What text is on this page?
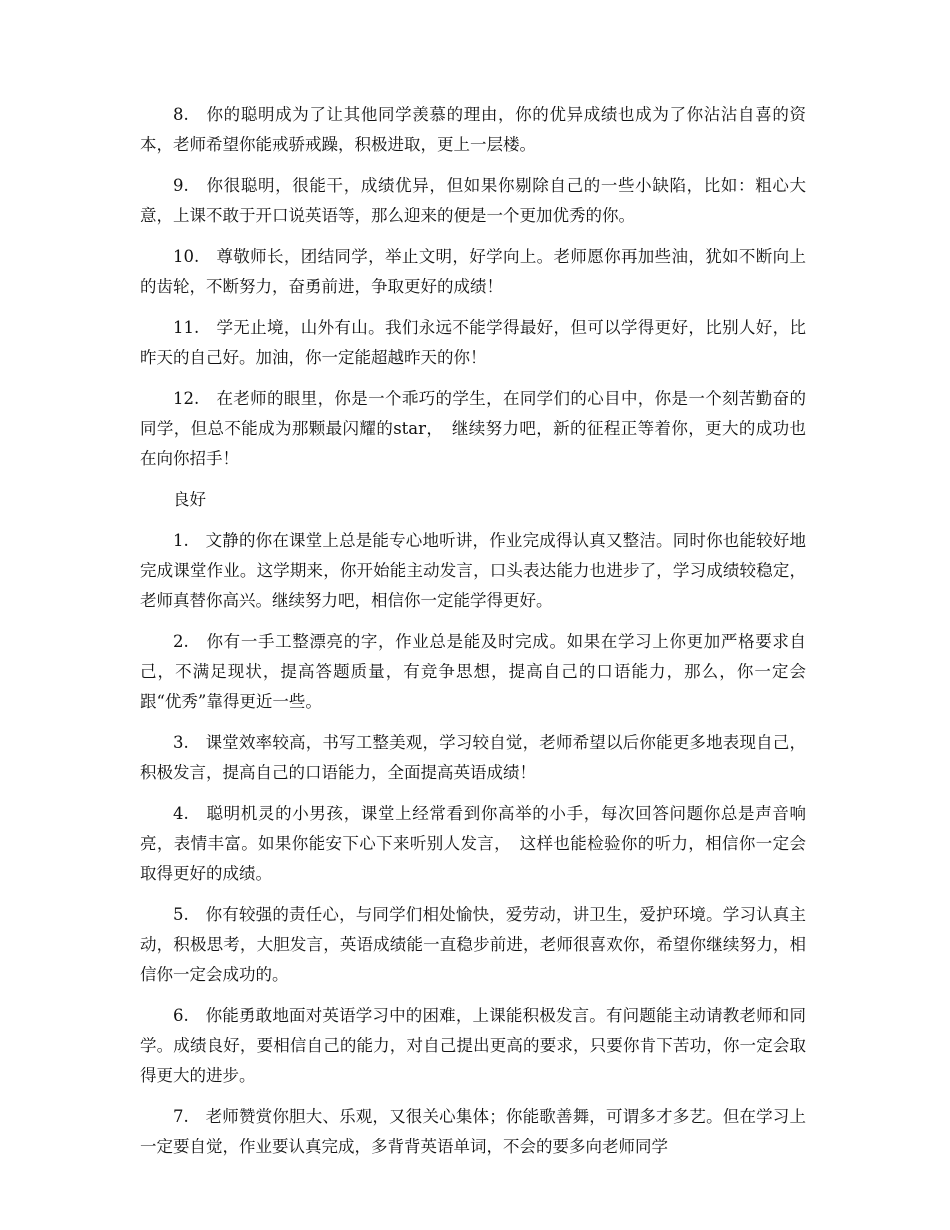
8.　你的聪明成为了让其他同学羡慕的理由，你的优异成绩也成为了你沾沾自喜的资本，老师希望你能戒骄戒躁，积极进取，更上一层楼。

9.　你很聪明，很能干，成绩优异，但如果你剔除自己的一些小缺陷，比如：粗心大意，上课不敢于开口说英语等，那么迎来的便是一个更加优秀的你。

10.　尊敬师长，团结同学，举止文明，好学向上。老师愿你再加些油，犹如不断向上的齿轮，不断努力，奋勇前进，争取更好的成绩！

11.　学无止境，山外有山。我们永远不能学得最好，但可以学得更好，比别人好，比昨天的自己好。加油，你一定能超越昨天的你！

12.　在老师的眼里，你是一个乖巧的学生，在同学们的心目中，你是一个刻苦勤奋的同学，但总不能成为那颗最闪耀的star，　继续努力吧，新的征程正等着你，更大的成功也在向你招手！

良好

1.　文静的你在课堂上总是能专心地听讲，作业完成得认真又整洁。同时你也能较好地完成课堂作业。这学期来，你开始能主动发言，口头表达能力也进步了，学习成绩较稳定，老师真替你高兴。继续努力吧，相信你一定能学得更好。

2.　你有一手工整漂亮的字，作业总是能及时完成。如果在学习上你更加严格要求自己，不满足现状，提高答题质量，有竞争思想，提高自己的口语能力，那么，你一定会跟“优秀”靠得更近一些。

3.　课堂效率较高，书写工整美观，学习较自觉，老师希望以后你能更多地表现自己，积极发言，提高自己的口语能力，全面提高英语成绩！

4.　聪明机灵的小男孩，课堂上经常看到你高举的小手，每次回答问题你总是声音响亮，表情丰富。如果你能安下心下来听别人发言，　这样也能检验你的听力，相信你一定会取得更好的成绩。

5.　你有较强的责任心，与同学们相处愉快，爱劳动，讲卫生，爱护环境。学习认真主动，积极思考，大胆发言，英语成绩能一直稳步前进，老师很喜欢你，希望你继续努力，相信你一定会成功的。

6.　你能勇敢地面对英语学习中的困难，上课能积极发言。有问题能主动请教老师和同学。成绩良好，要相信自己的能力，对自己提出更高的要求，只要你肯下苦功，你一定会取得更大的进步。

7.　老师赞赏你胆大、乐观，又很关心集体；你能歌善舞，可谓多才多艺。但在学习上一定要自觉，作业要认真完成，多背背英语单词，不会的要多向老师同学
